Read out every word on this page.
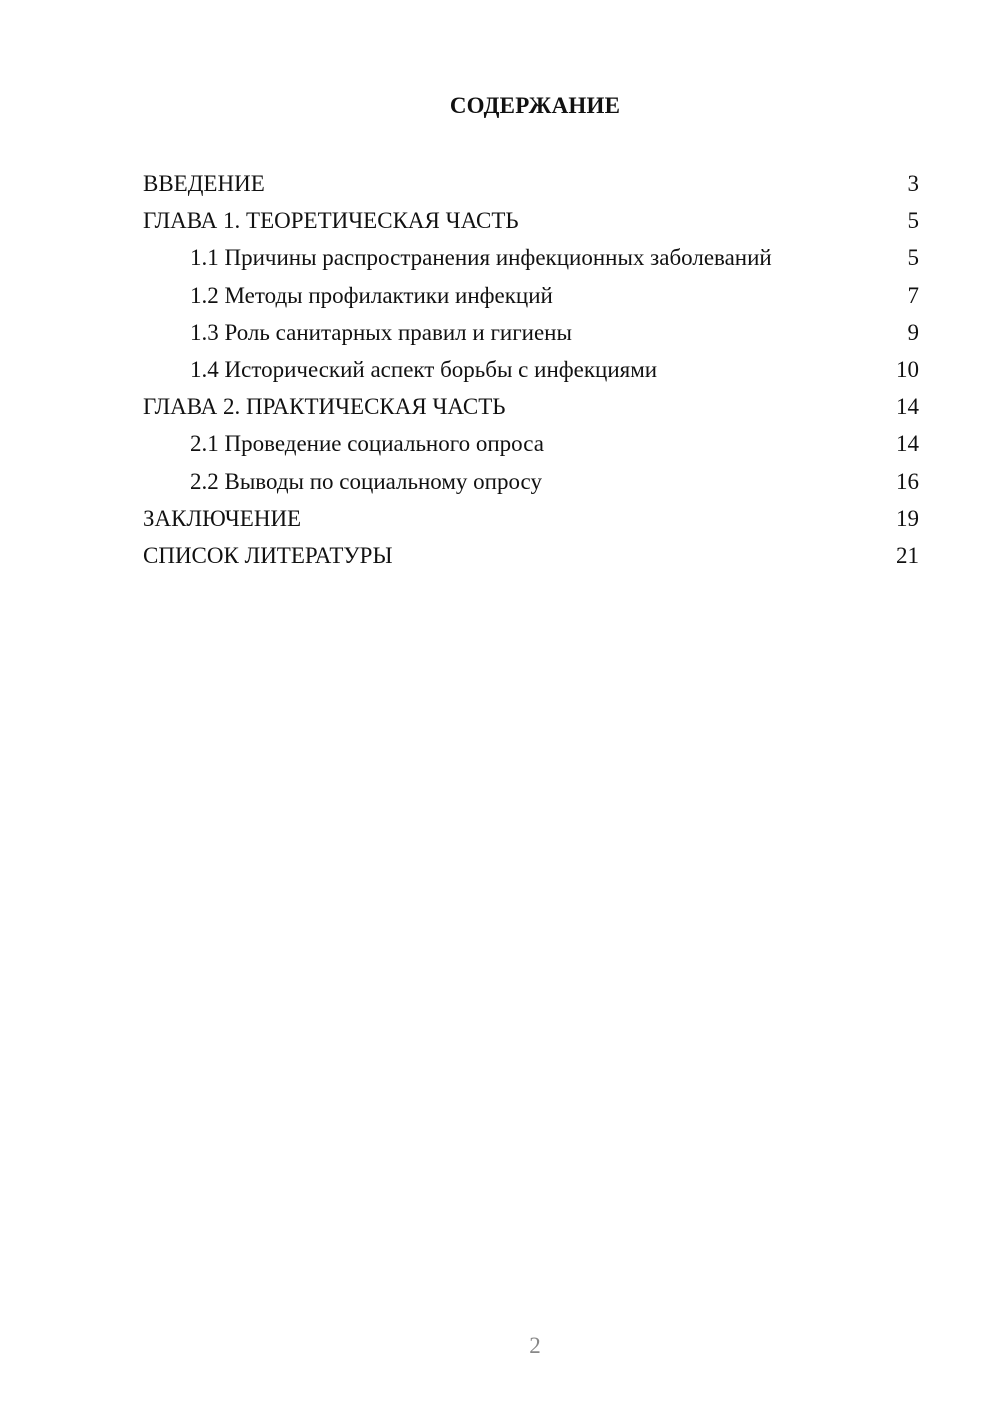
СОДЕРЖАНИЕ
ВВЕДЕНИЕ	3
ГЛАВА 1. ТЕОРЕТИЧЕСКАЯ ЧАСТЬ	5
1.1 Причины распространения инфекционных заболеваний	5
1.2 Методы профилактики инфекций	7
1.3 Роль санитарных правил и гигиены	9
1.4 Исторический аспект борьбы с инфекциями	10
ГЛАВА 2. ПРАКТИЧЕСКАЯ ЧАСТЬ	14
2.1 Проведение социального опроса	14
2.2 Выводы по социальному опросу	16
ЗАКЛЮЧЕНИЕ	19
СПИСОК ЛИТЕРАТУРЫ	21
2
